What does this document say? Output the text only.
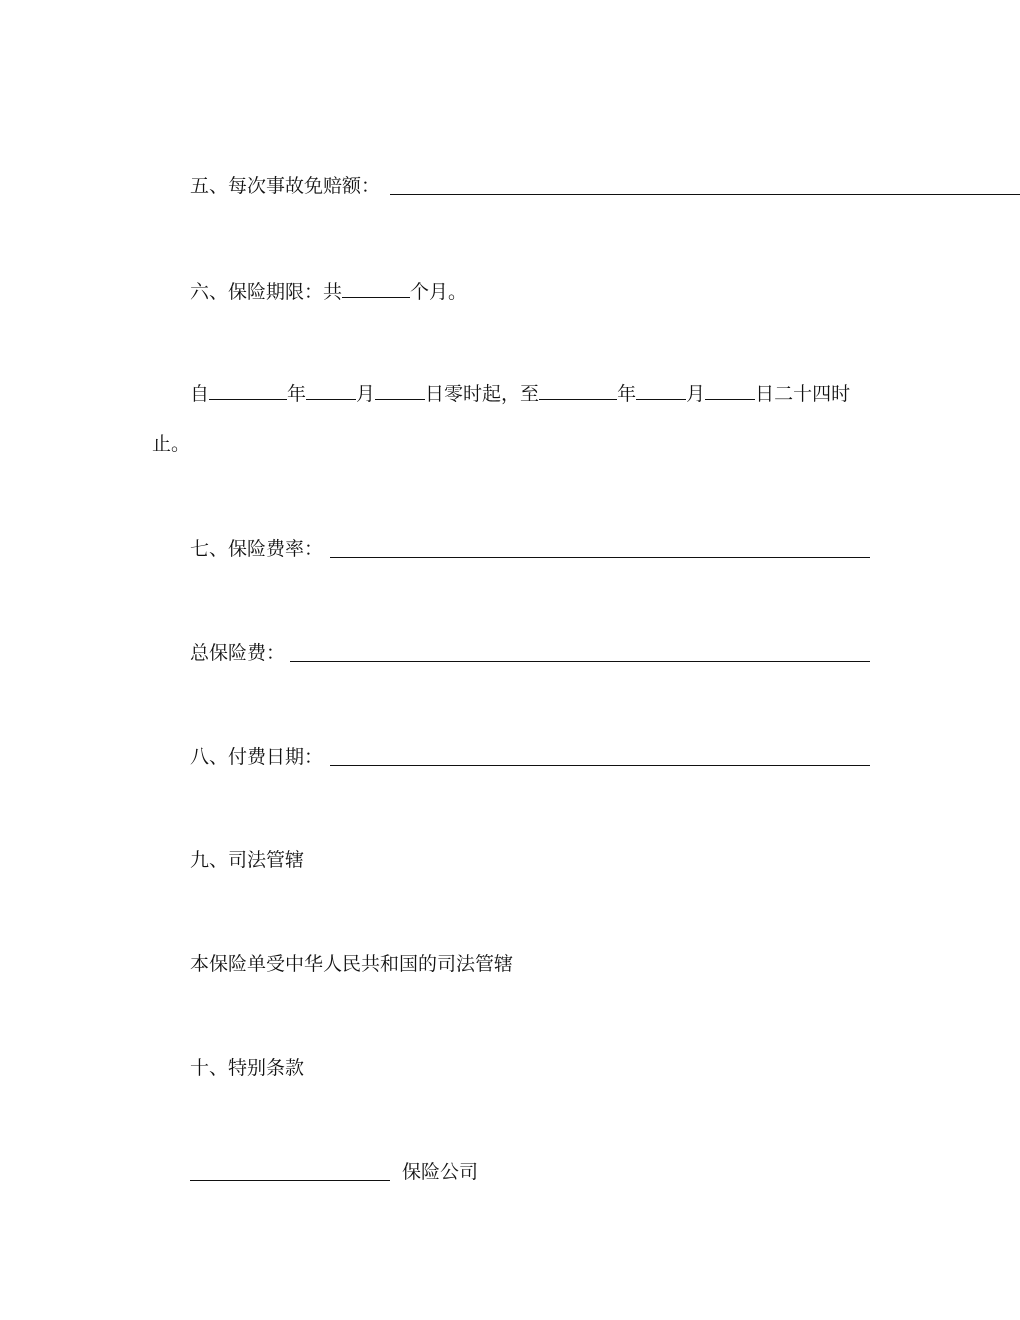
五、每次事故免赔额：
六、保险期限：共	个月。
自	年	月	日零时起，至	年	月	日二十四时
止。
七、保险费率：
总保险费：
八、付费日期：
九、司法管辖
本保险单受中华人民共和国的司法管辖
十、特别条款
保险公司
